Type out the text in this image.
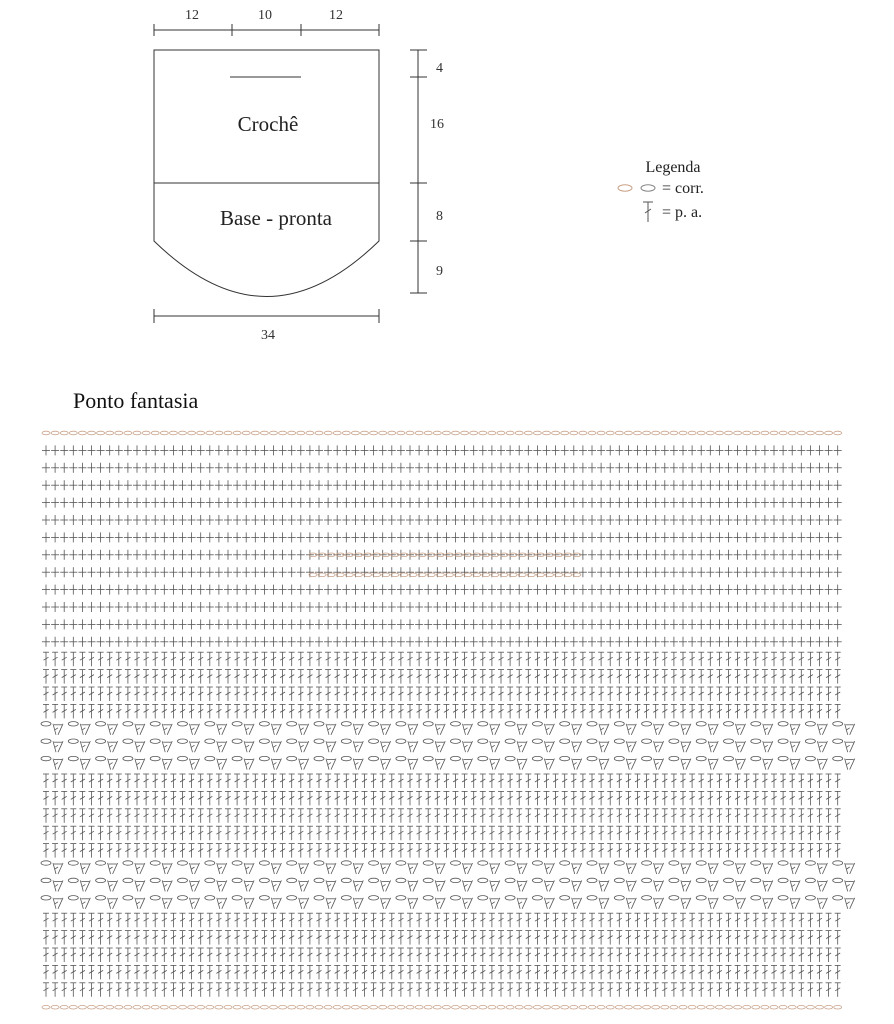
12	10	12
4
16
8
9
34
Crochê
Base - pronta
Legenda
= corr.
= p. a.
Ponto fantasia
